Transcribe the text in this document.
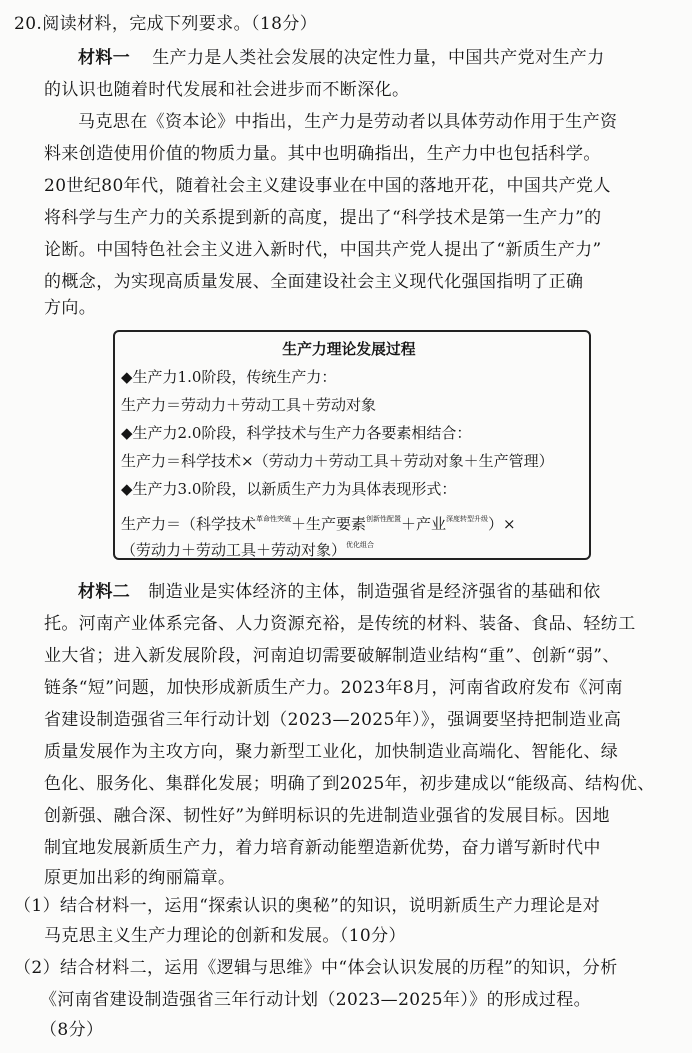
20.阅读材料，完成下列要求。（18分）
材料一 生产力是人类社会发展的决定性力量，中国共产党对生产力
的认识也随着时代发展和社会进步而不断深化。
马克思在《资本论》中指出，生产力是劳动者以具体劳动作用于生产资
料来创造使用价值的物质力量。其中也明确指出，生产力中也包括科学。
20世纪80年代，随着社会主义建设事业在中国的落地开花，中国共产党人
将科学与生产力的关系提到新的高度，提出了“科学技术是第一生产力”的
论断。中国特色社会主义进入新时代，中国共产党人提出了“新质生产力”
的概念，为实现高质量发展、全面建设社会主义现代化强国指明了正确
方向。
生产力理论发展过程
◆生产力1.0阶段，传统生产力：
生产力＝劳动力＋劳动工具＋劳动对象
◆生产力2.0阶段，科学技术与生产力各要素相结合：
生产力＝科学技术×（劳动力＋劳动工具＋劳动对象＋生产管理）
◆生产力3.0阶段，以新质生产力为具体表现形式：
生产力＝（科学技术$^{革命性突破}$＋生产要素$^{创新性配置}$＋产业$^{深度转型升级}$）×
（劳动力＋劳动工具＋劳动对象）$^{优化组合}$
材料二 制造业是实体经济的主体，制造强省是经济强省的基础和依
托。河南产业体系完备、人力资源充裕，是传统的材料、装备、食品、轻纺工
业大省；进入新发展阶段，河南迫切需要破解制造业结构“重”、创新“弱”、
链条“短”问题，加快形成新质生产力。2023年8月，河南省政府发布《河南
省建设制造强省三年行动计划（2023—2025年）》，强调要坚持把制造业高
质量发展作为主攻方向，聚力新型工业化，加快制造业高端化、智能化、绿
色化、服务化、集群化发展；明确了到2025年，初步建成以“能级高、结构优、
创新强、融合深、韧性好”为鲜明标识的先进制造业强省的发展目标。因地
制宜地发展新质生产力，着力培育新动能塑造新优势，奋力谱写新时代中
原更加出彩的绚丽篇章。
（1）结合材料一，运用“探索认识的奥秘”的知识，说明新质生产力理论是对
马克思主义生产力理论的创新和发展。（10分）
（2）结合材料二，运用《逻辑与思维》中“体会认识发展的历程”的知识，分析
《河南省建设制造强省三年行动计划（2023—2025年）》的形成过程。
（8分）
